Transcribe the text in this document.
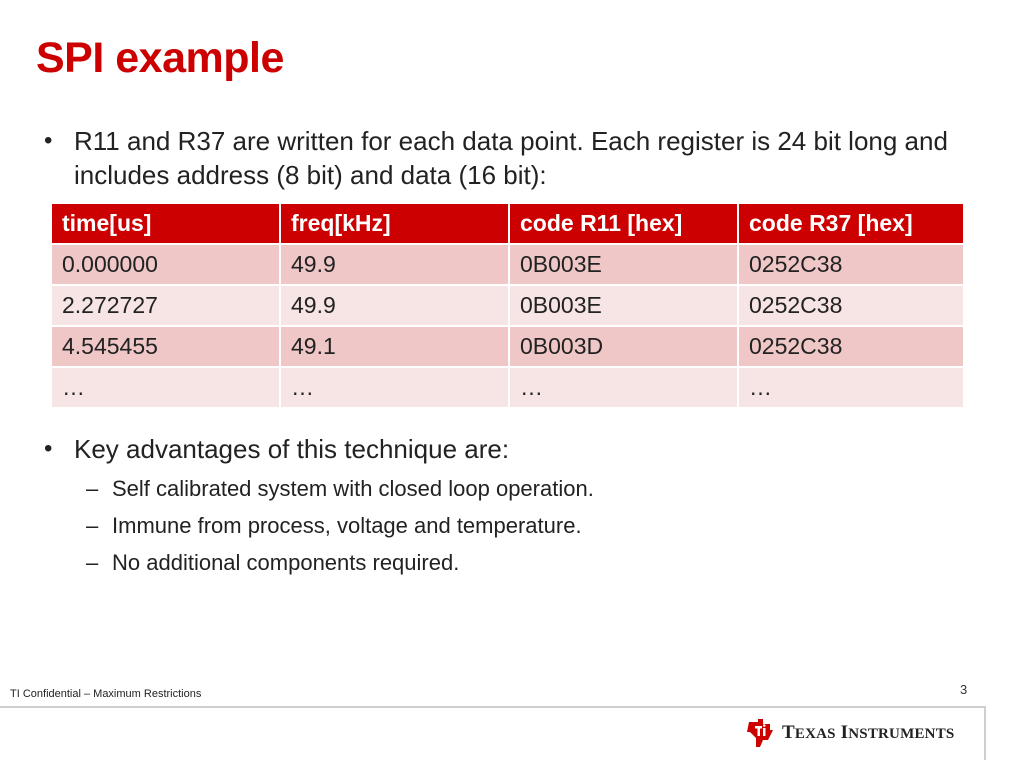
SPI example
• R11 and R37 are written for each data point. Each register is 24 bit long and includes address (8 bit) and data (16 bit):
time[us]	freq[kHz]	code R11 [hex]	code R37 [hex]
0.000000	49.9	0B003E	0252C38
2.272727	49.9	0B003E	0252C38
4.545455	49.1	0B003D	0252C38
…	…	…	…
• Key advantages of this technique are:
– Self calibrated system with closed loop operation.
– Immune from process, voltage and temperature.
– No additional components required.
3
TI Confidential – Maximum Restrictions
TEXAS INSTRUMENTS
